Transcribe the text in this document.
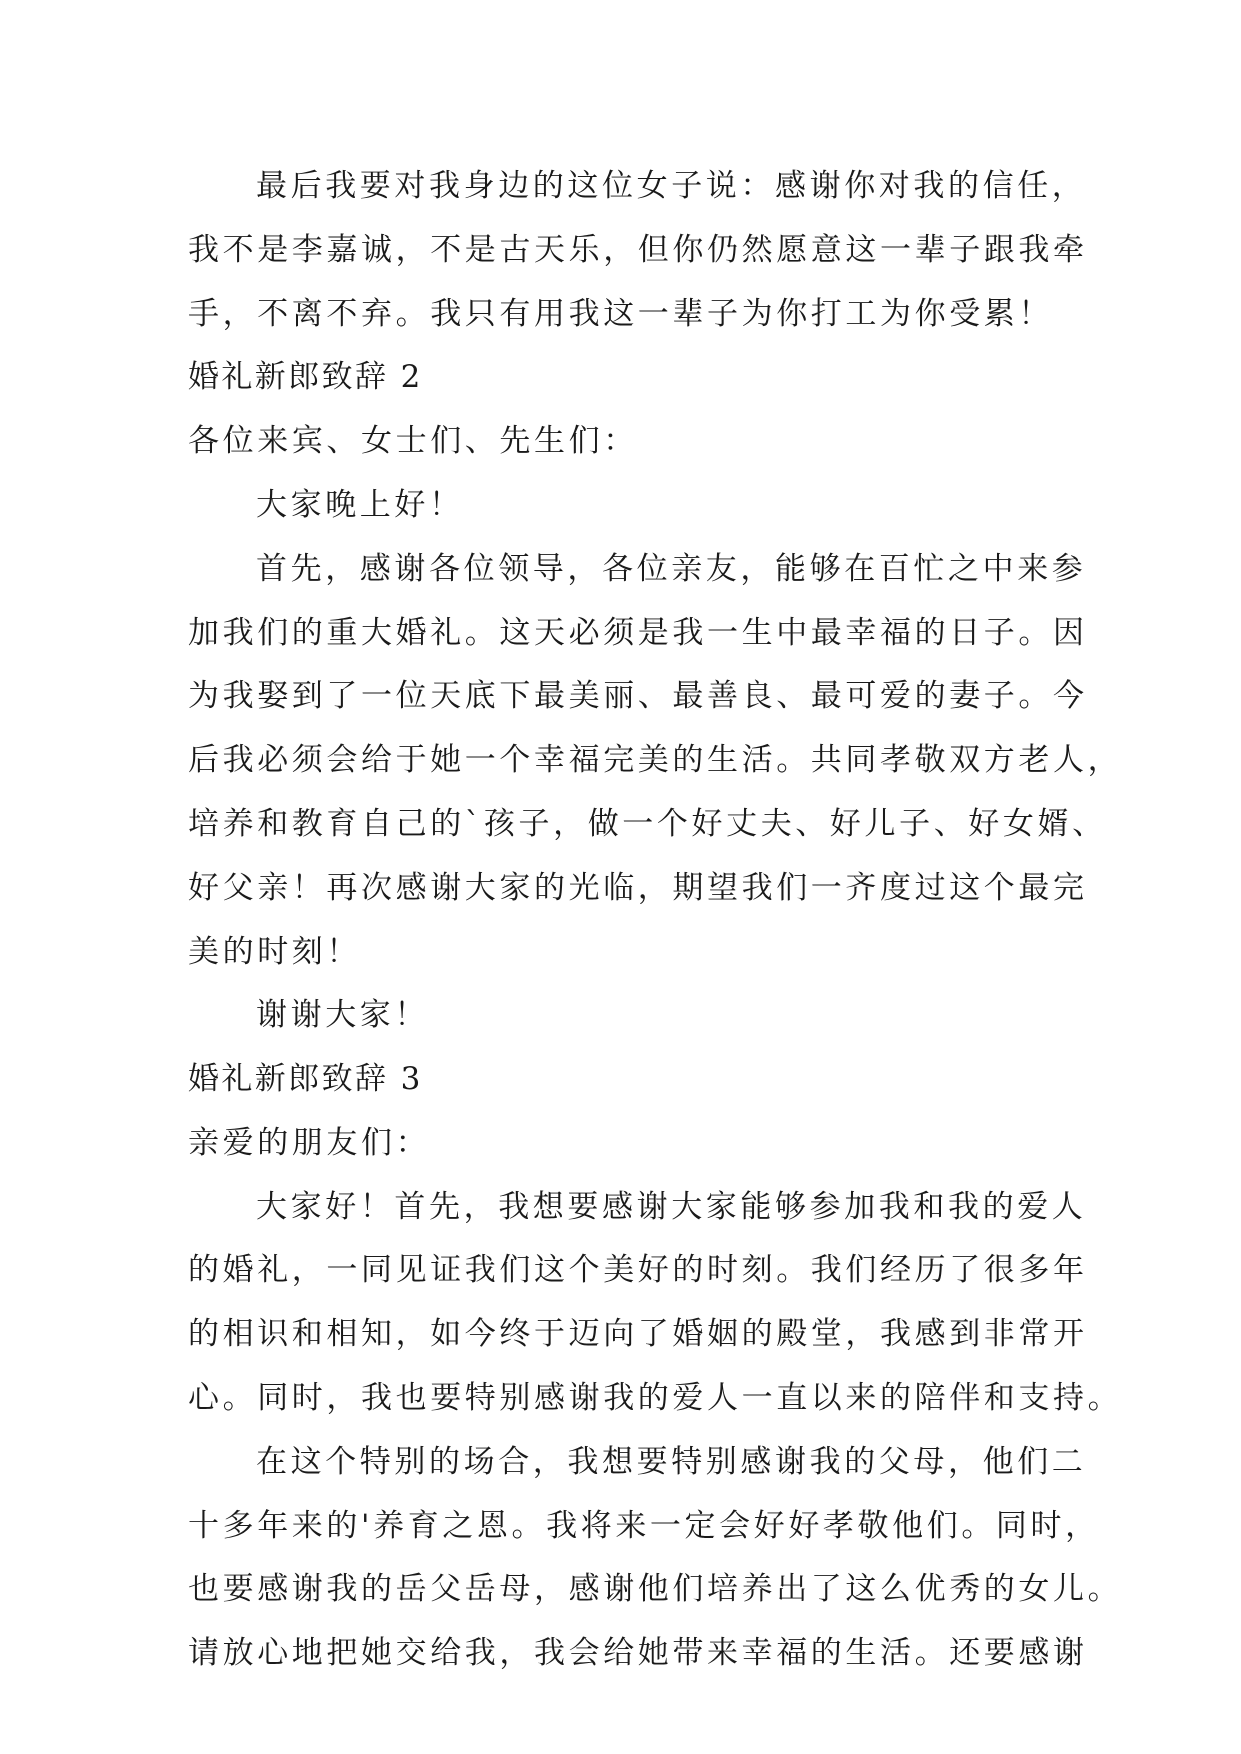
最后我要对我身边的这位女子说：感谢你对我的信任，
我不是李嘉诚，不是古天乐，但你仍然愿意这一辈子跟我牵
手，不离不弃。我只有用我这一辈子为你打工为你受累！
婚礼新郎致辞 2
各位来宾、女士们、先生们：
大家晚上好！
首先，感谢各位领导，各位亲友，能够在百忙之中来参
加我们的重大婚礼。这天必须是我一生中最幸福的日子。因
为我娶到了一位天底下最美丽、最善良、最可爱的妻子。今
后我必须会给于她一个幸福完美的生活。共同孝敬双方老人，
培养和教育自己的`孩子，做一个好丈夫、好儿子、好女婿、
好父亲！再次感谢大家的光临，期望我们一齐度过这个最完
美的时刻！
谢谢大家！
婚礼新郎致辞 3
亲爱的朋友们：
大家好！首先，我想要感谢大家能够参加我和我的爱人
的婚礼，一同见证我们这个美好的时刻。我们经历了很多年
的相识和相知，如今终于迈向了婚姻的殿堂，我感到非常开
心。同时，我也要特别感谢我的爱人一直以来的陪伴和支持。
在这个特别的场合，我想要特别感谢我的父母，他们二
十多年来的'养育之恩。我将来一定会好好孝敬他们。同时，
也要感谢我的岳父岳母，感谢他们培养出了这么优秀的女儿。
请放心地把她交给我，我会给她带来幸福的生活。还要感谢
